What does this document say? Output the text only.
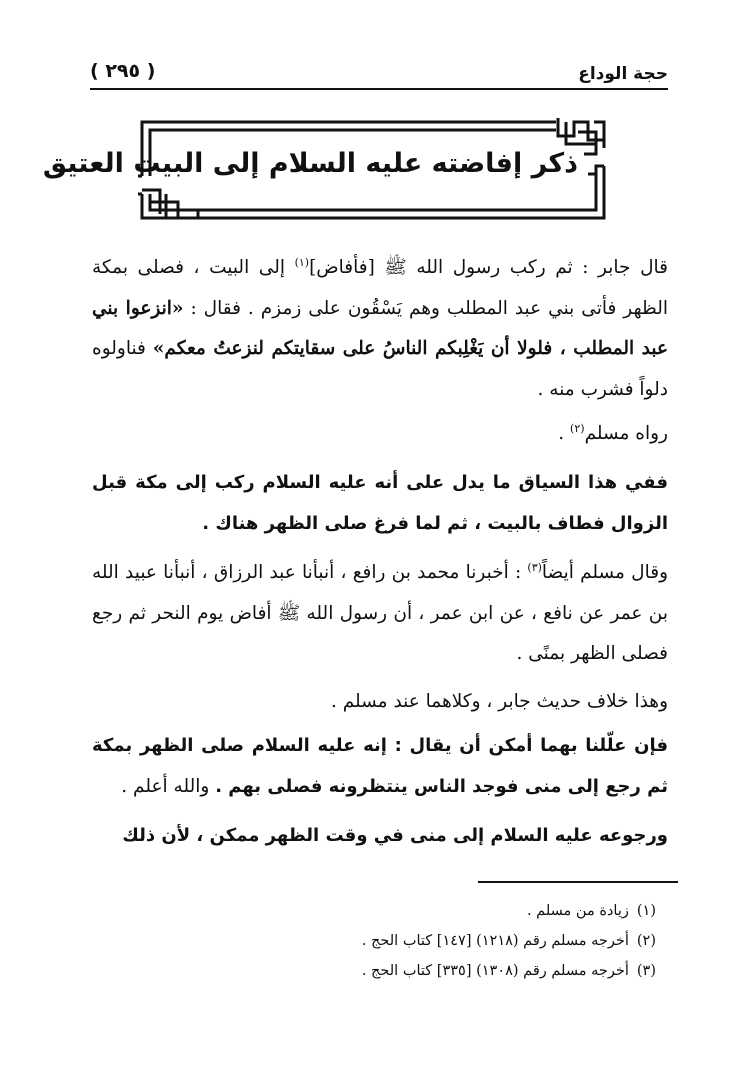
حجة الوداع
( ٢٩٥ )
ذكر إفاضته عليه السلام إلى البيت العتيق
قال جابر : ثم ركب رسول الله ﷺ [فأفاض]$^{(١)}$ إلى البيت ، فصلى بمكة الظهر فأتى بني عبد المطلب وهم يَسْقُون على زمزم . فقال : «انزعوا بني عبد المطلب ، فلولا أن يَغْلِبكم الناسُ على سقايتكم لنزعتُ معكم» فناولوه دلواً فشرب منه .
رواه مسلم$^{(٢)}$ .
ففي هذا السياق ما يدل على أنه عليه السلام ركب إلى مكة قبل الزوال فطاف بالبيت ، ثم لما فرغ صلى الظهر هناك .
وقال مسلم أيضاً$^{(٣)}$ : أخبرنا محمد بن رافع ، أنبأنا عبد الرزاق ، أنبأنا عبيد الله بن عمر عن نافع ، عن ابن عمر ، أن رسول الله ﷺ أفاض يوم النحر ثم رجع فصلى الظهر بمنًى .
وهذا خلاف حديث جابر ، وكلاهما عند مسلم .
فإن علّلنا بهما أمكن أن يقال : إنه عليه السلام صلى الظهر بمكة ثم رجع إلى منى فوجد الناس ينتظرونه فصلى بهم . والله أعلم .
ورجوعه عليه السلام إلى منى في وقت الظهر ممكن ، لأن ذلك
(١)زيادة من مسلم .
(٢)أخرجه مسلم رقم (١٢١٨) [١٤٧] كتاب الحج .
(٣)أخرجه مسلم رقم (١٣٠٨) [٣٣٥] كتاب الحج .
